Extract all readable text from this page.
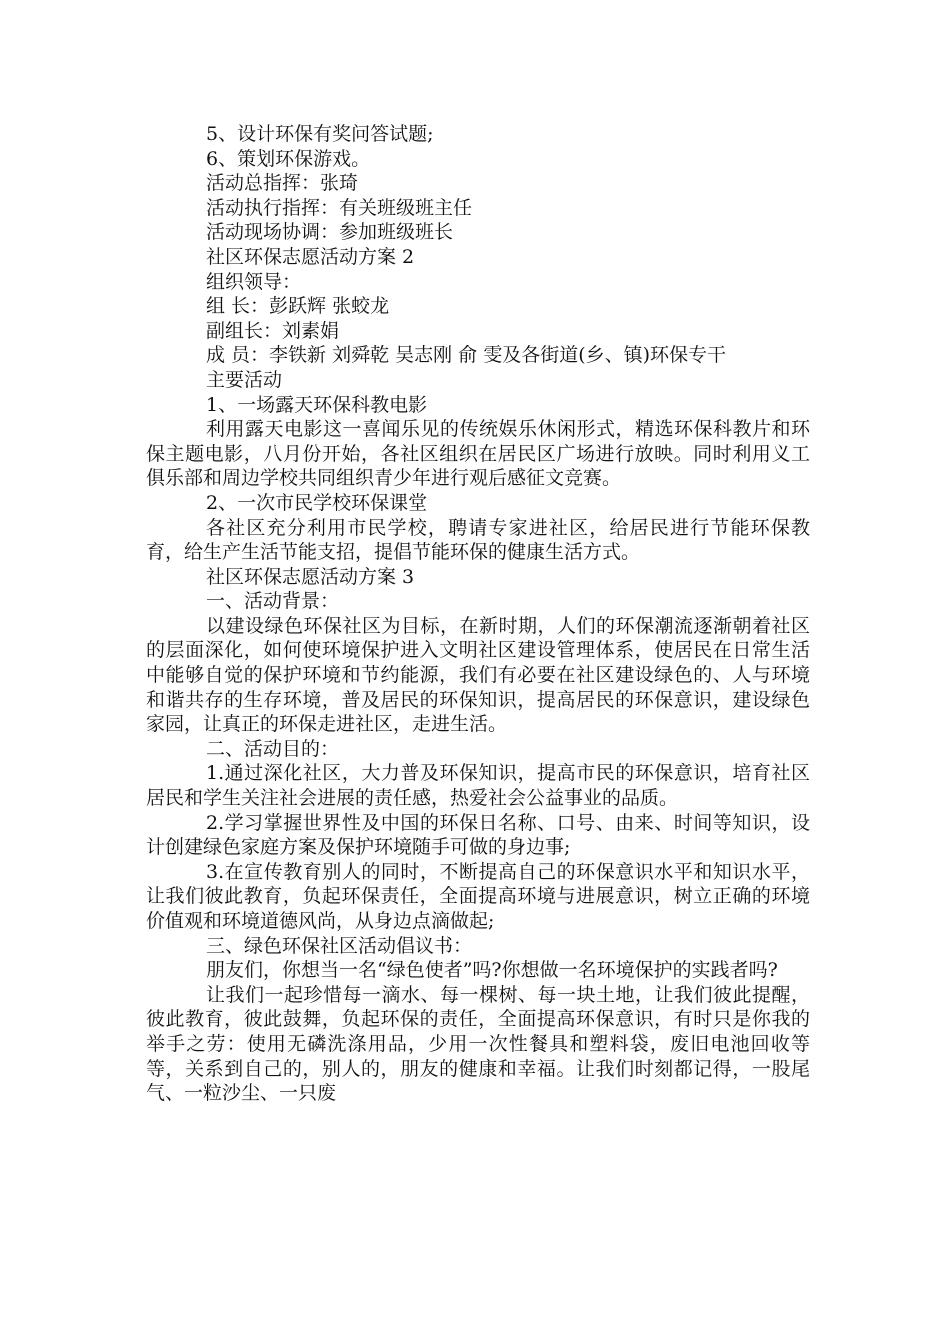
5、设计环保有奖问答试题;

6、策划环保游戏。

活动总指挥：张琦

活动执行指挥：有关班级班主任

活动现场协调：参加班级班长

社区环保志愿活动方案 2

组织领导：

组 长：彭跃辉 张蛟龙

副组长：刘素娟

成 员：李铁新 刘舜乾 吴志刚 俞 雯及各街道(乡、镇)环保专干

主要活动

1、一场露天环保科教电影

利用露天电影这一喜闻乐见的传统娱乐休闲形式，精选环保科教片和环保主题电影，八月份开始，各社区组织在居民区广场进行放映。同时利用义工俱乐部和周边学校共同组织青少年进行观后感征文竞赛。

2、一次市民学校环保课堂

各社区充分利用市民学校，聘请专家进社区，给居民进行节能环保教育，给生产生活节能支招，提倡节能环保的健康生活方式。

社区环保志愿活动方案 3

一、活动背景：

以建设绿色环保社区为目标，在新时期，人们的环保潮流逐渐朝着社区的层面深化，如何使环境保护进入文明社区建设管理体系，使居民在日常生活中能够自觉的保护环境和节约能源，我们有必要在社区建设绿色的、人与环境和谐共存的生存环境，普及居民的环保知识，提高居民的环保意识，建设绿色家园，让真正的环保走进社区，走进生活。

二、活动目的：

1.通过深化社区，大力普及环保知识，提高市民的环保意识，培育社区居民和学生关注社会进展的责任感，热爱社会公益事业的品质。

2.学习掌握世界性及中国的环保日名称、口号、由来、时间等知识，设计创建绿色家庭方案及保护环境随手可做的身边事;

3.在宣传教育别人的同时，不断提高自己的环保意识水平和知识水平，让我们彼此教育，负起环保责任，全面提高环境与进展意识，树立正确的环境价值观和环境道德风尚，从身边点滴做起;

三、绿色环保社区活动倡议书：

朋友们，你想当一名“绿色使者”吗?你想做一名环境保护的实践者吗?

让我们一起珍惜每一滴水、每一棵树、每一块土地，让我们彼此提醒，彼此教育，彼此鼓舞，负起环保的责任，全面提高环保意识，有时只是你我的举手之劳：使用无磷洗涤用品，少用一次性餐具和塑料袋，废旧电池回收等等，关系到自己的，别人的，朋友的健康和幸福。让我们时刻都记得，一股尾气、一粒沙尘、一只废
